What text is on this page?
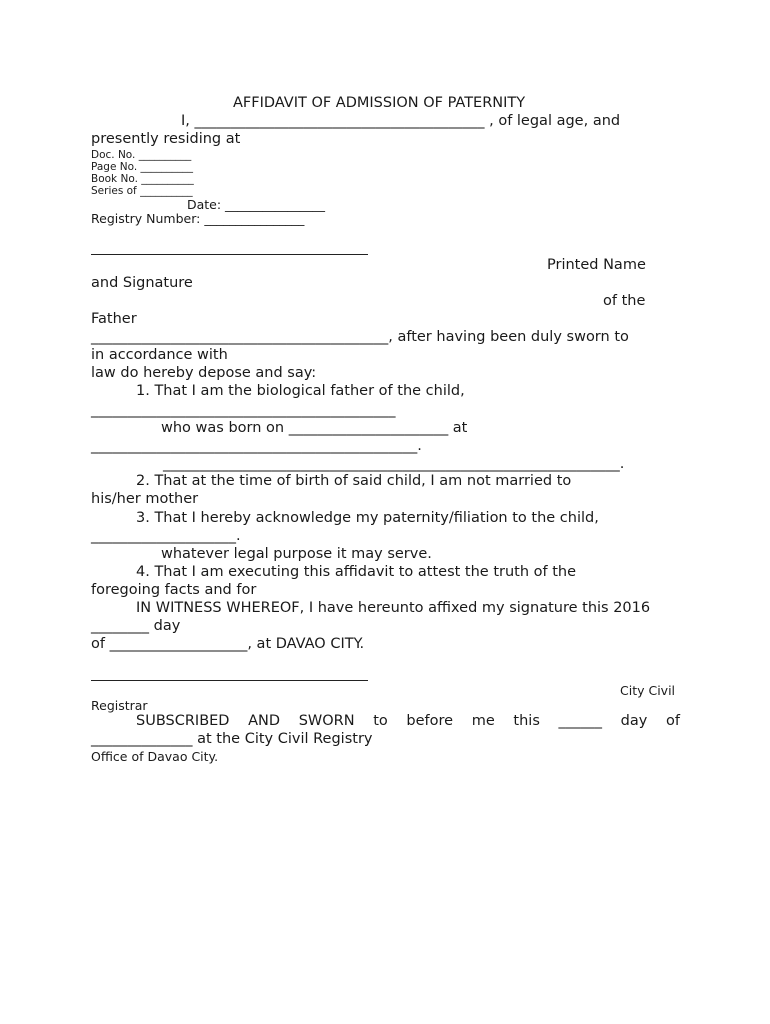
AFFIDAVIT OF ADMISSION OF PATERNITY
I, ________________________________________ , of legal age, and
presently residing at
Doc. No. __________
Page No. __________
Book No. __________
Series of __________
Date: ________________
Registry Number: ________________
Printed Name
and Signature
of the
Father
_________________________________________, after having been duly sworn to
in accordance with
law do hereby depose and say:
1. That I am the biological father of the child,
__________________________________________
who was born on ______________________ at
_____________________________________________.
_______________________________________________________________.
2. That at the time of birth of said child, I am not married to
his/her mother
3. That I hereby acknowledge my paternity/filiation to the child,
____________________.
whatever legal purpose it may serve.
4. That I am executing this affidavit to attest the truth of the
foregoing facts and for
IN WITNESS WHEREOF, I have hereunto affixed my signature this 2016
________ day
of ___________________, at DAVAO CITY.
City Civil
Registrar
SUBSCRIBED AND SWORN to before me this ______ day of
______________ at the City Civil Registry
Office of Davao City.
